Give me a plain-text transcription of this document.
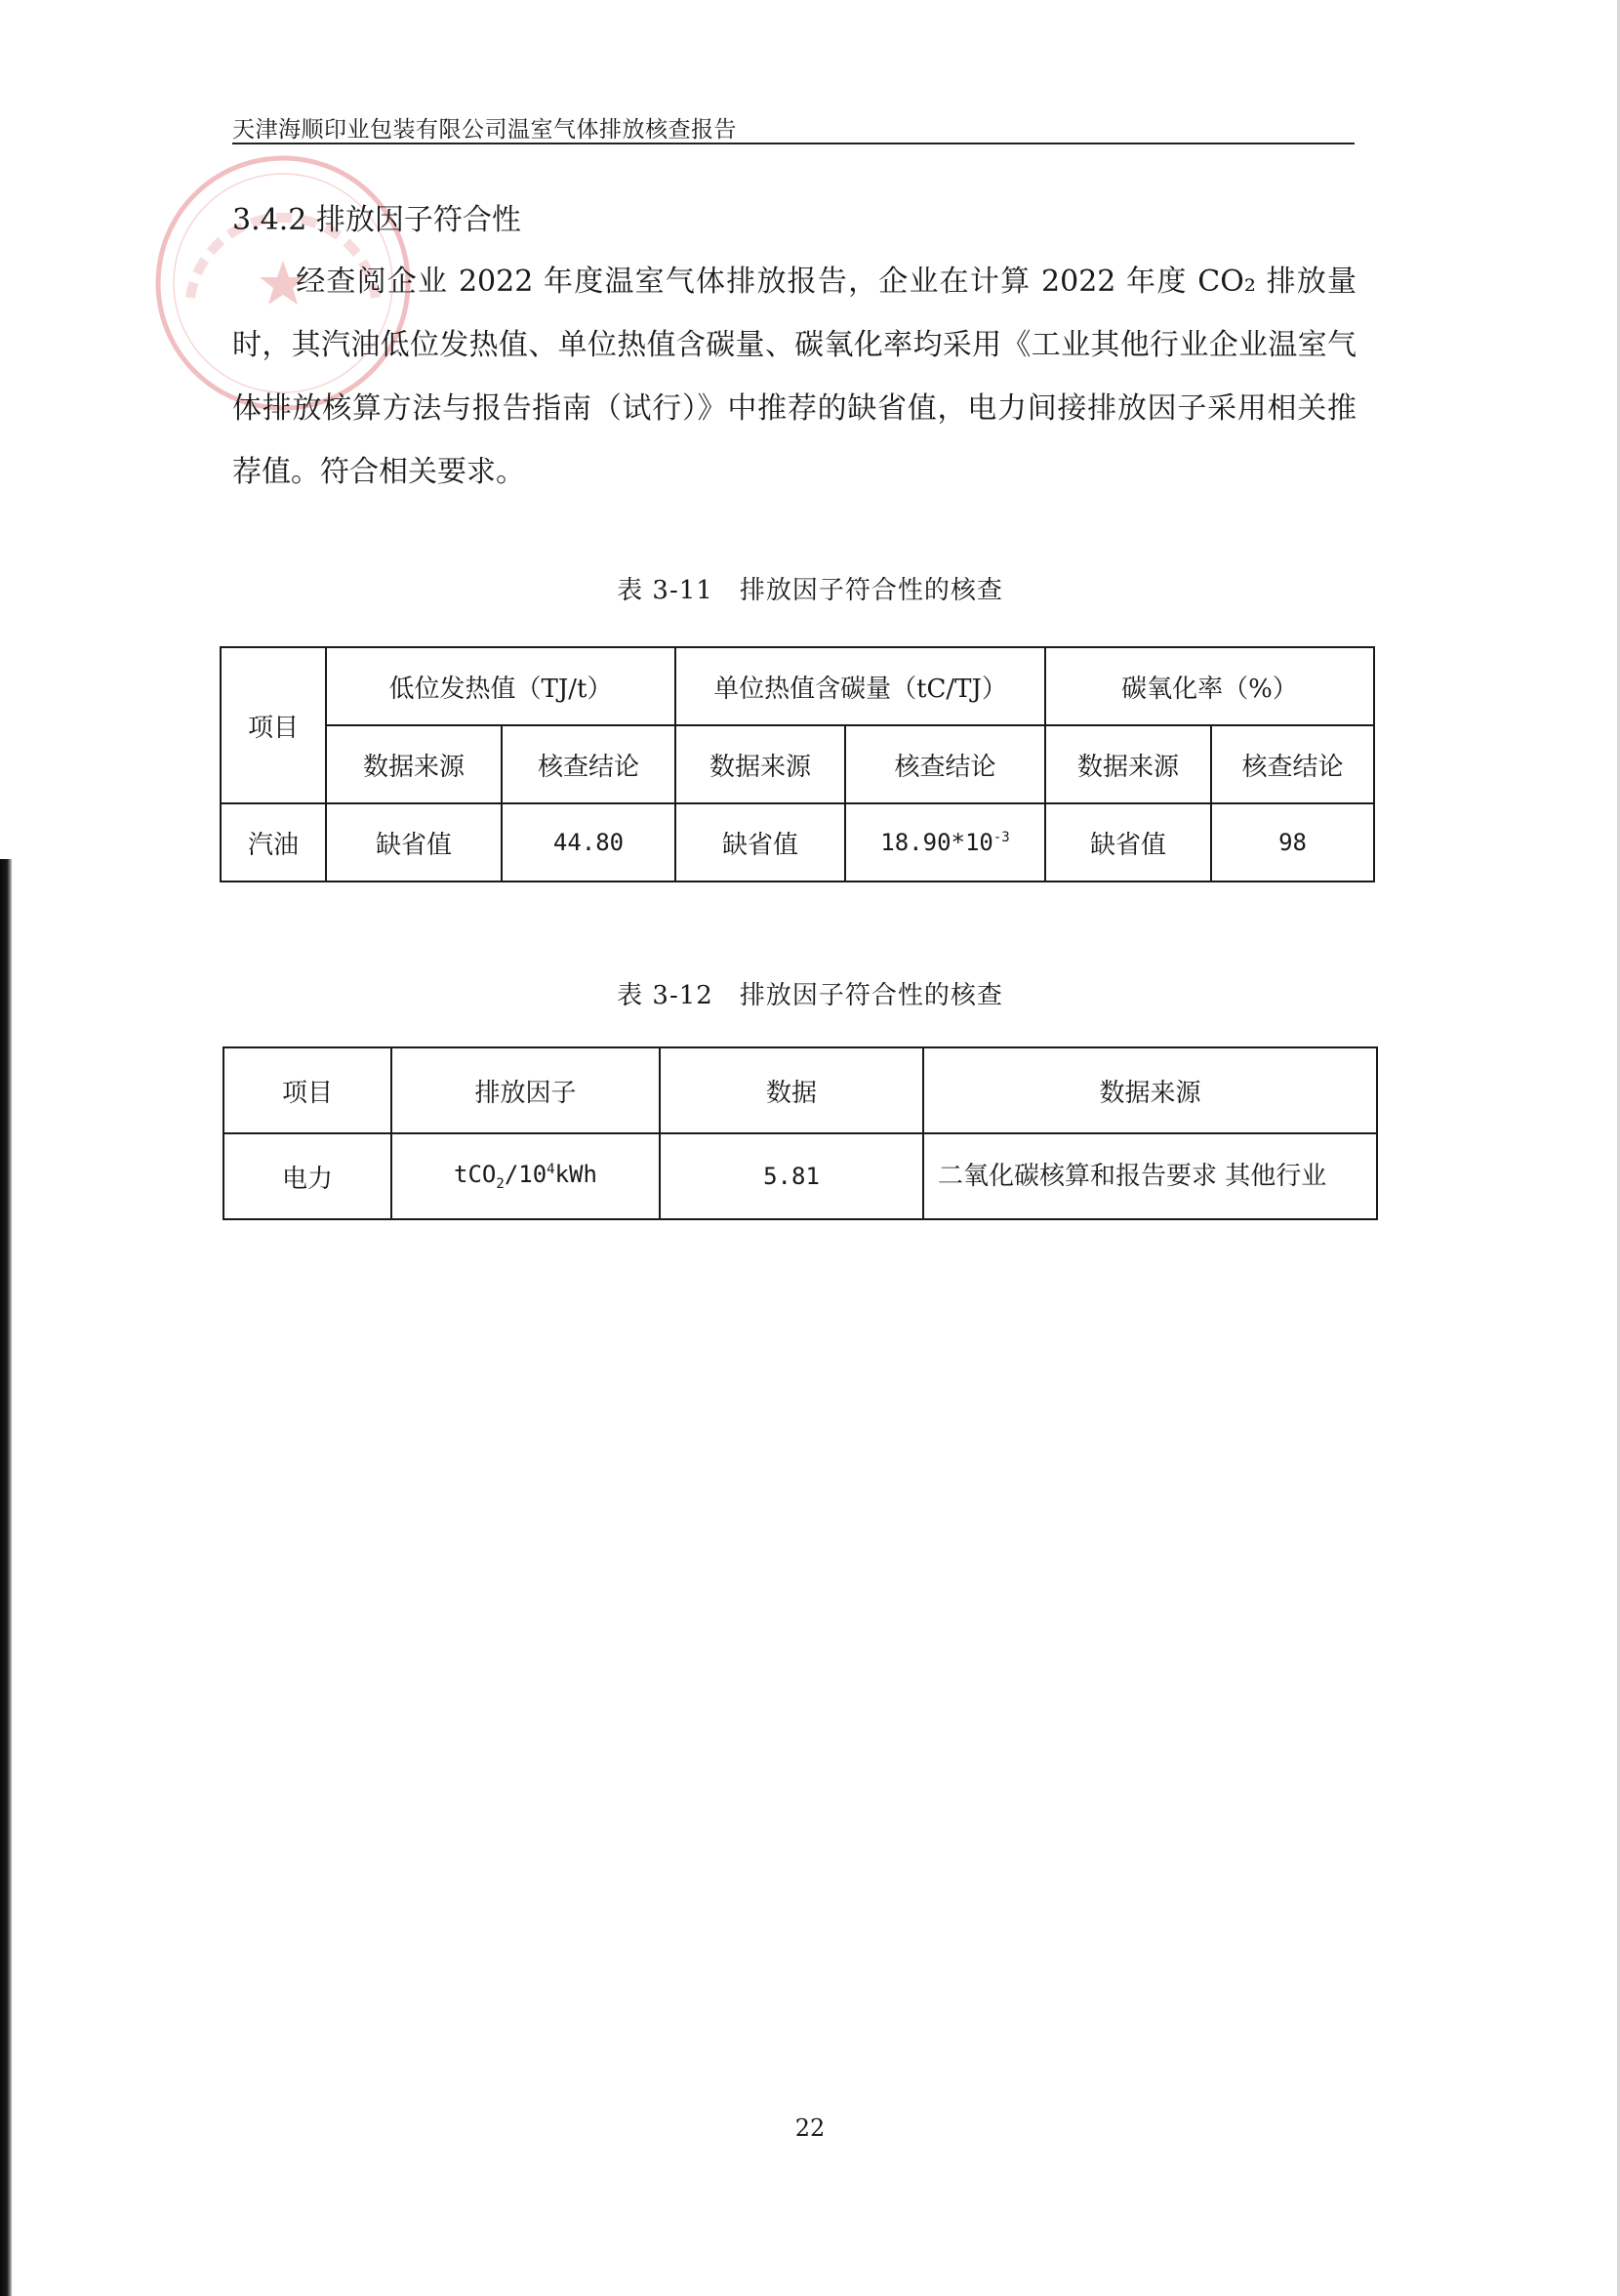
天津海顺印业包装有限公司温室气体排放核查报告
3.4.2 排放因子符合性
经查阅企业 2022 年度温室气体排放报告，企业在计算 2022 年度 CO₂ 排放量时，其汽油低位发热值、单位热值含碳量、碳氧化率均采用《工业其他行业企业温室气体排放核算方法与报告指南（试行）》中推荐的缺省值，电力间接排放因子采用相关推荐值。符合相关要求。
表 3-11　排放因子符合性的核查
项目	低位发热值（TJ/t）		单位热值含碳量（tC/TJ）		碳氧化率（%）	
	数据来源	核查结论	数据来源	核查结论	数据来源	核查结论
汽油	缺省值	44.80	缺省值	$18.90*10^{-3}$	缺省值	98
表 3-12　排放因子符合性的核查
项目	排放因子	数据	数据来源
电力	$tCO_2/10^4kWh$	5.81	二氧化碳核算和报告要求 其他行业
22
